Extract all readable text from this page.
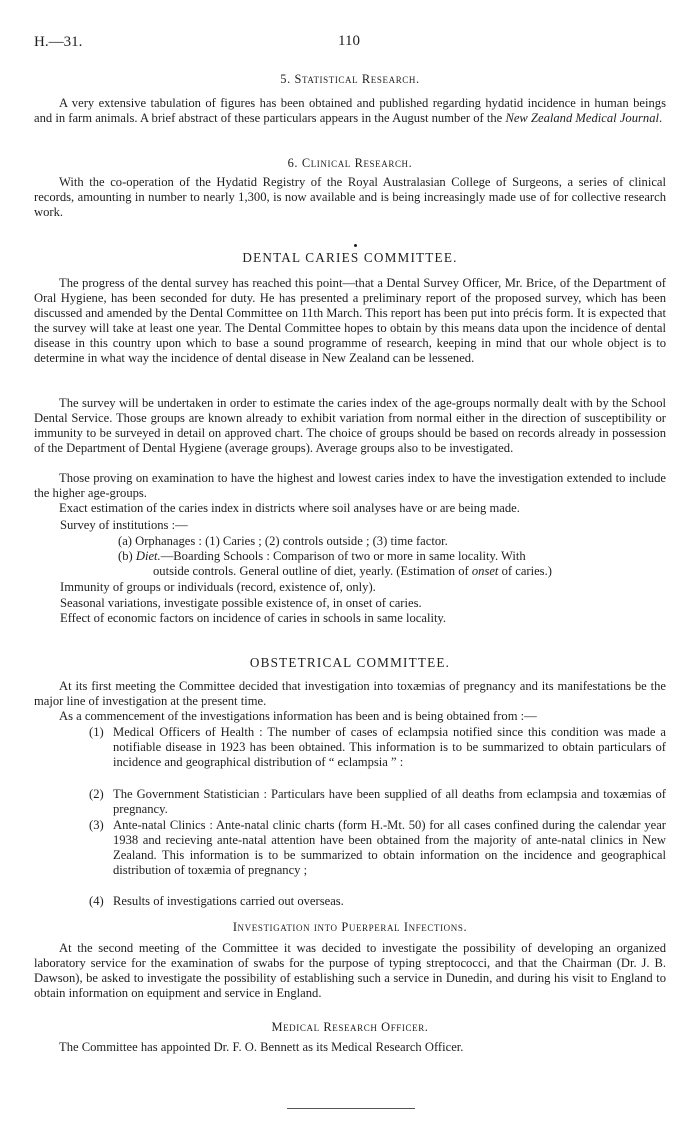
H.—31.	110
5. Statistical Research.

A very extensive tabulation of figures has been obtained and published regarding hydatid incidence in human beings and in farm animals. A brief abstract of these particulars appears in the August number of the New Zealand Medical Journal.

6. Clinical Research.

With the co-operation of the Hydatid Registry of the Royal Australasian College of Surgeons, a series of clinical records, amounting in number to nearly 1,300, is now available and is being increasingly made use of for collective research work.

DENTAL CARIES COMMITTEE.

The progress of the dental survey has reached this point—that a Dental Survey Officer, Mr. Brice, of the Department of Oral Hygiene, has been seconded for duty. He has presented a preliminary report of the proposed survey, which has been discussed and amended by the Dental Committee on 11th March. This report has been put into précis form. It is expected that the survey will take at least one year. The Dental Committee hopes to obtain by this means data upon the incidence of dental disease in this country upon which to base a sound programme of research, keeping in mind that our whole object is to determine in what way the incidence of dental disease in New Zealand can be lessened.

The survey will be undertaken in order to estimate the caries index of the age-groups normally dealt with by the School Dental Service. Those groups are known already to exhibit variation from normal either in the direction of susceptibility or immunity to be surveyed in detail on approved chart. The choice of groups should be based on records already in possession of the Department of Dental Hygiene (average groups). Average groups also to be investigated.

Those proving on examination to have the highest and lowest caries index to have the investigation extended to include the higher age-groups.

Exact estimation of the caries index in districts where soil analyses have or are being made.

Survey of institutions :—
(a) Orphanages : (1) Caries ; (2) controls outside ; (3) time factor.
(b) Diet.—Boarding Schools : Comparison of two or more in same locality. With
outside controls. General outline of diet, yearly. (Estimation of onset of caries.)
Immunity of groups or individuals (record, existence of, only).
Seasonal variations, investigate possible existence of, in onset of caries.
Effect of economic factors on incidence of caries in schools in same locality.
OBSTETRICAL COMMITTEE.

At its first meeting the Committee decided that investigation into toxæmias of pregnancy and its manifestations be the major line of investigation at the present time.

As a commencement of the investigations information has been and is being obtained from :—

(1) Medical Officers of Health : The number of cases of eclampsia notified since this condition was made a notifiable disease in 1923 has been obtained. This information is to be summarized to obtain particulars of incidence and geographical distribution of “ eclampsia ” :

(2) The Government Statistician : Particulars have been supplied of all deaths from eclampsia and toxæmias of pregnancy.

(3) Ante-natal Clinics : Ante-natal clinic charts (form H.-Mt. 50) for all cases confined during the calendar year 1938 and recieving ante-natal attention have been obtained from the majority of ante-natal clinics in New Zealand. This information is to be summarized to obtain information on the incidence and geographical distribution of toxæmia of pregnancy ;

(4) Results of investigations carried out overseas.

Investigation into Puerperal Infections.

At the second meeting of the Committee it was decided to investigate the possibility of developing an organized laboratory service for the examination of swabs for the purpose of typing streptococci, and that the Chairman (Dr. J. B. Dawson), be asked to investigate the possibility of establishing such a service in Dunedin, and during his visit to England to obtain information on equipment and service in England.

Medical Research Officer.

The Committee has appointed Dr. F. O. Bennett as its Medical Research Officer.
